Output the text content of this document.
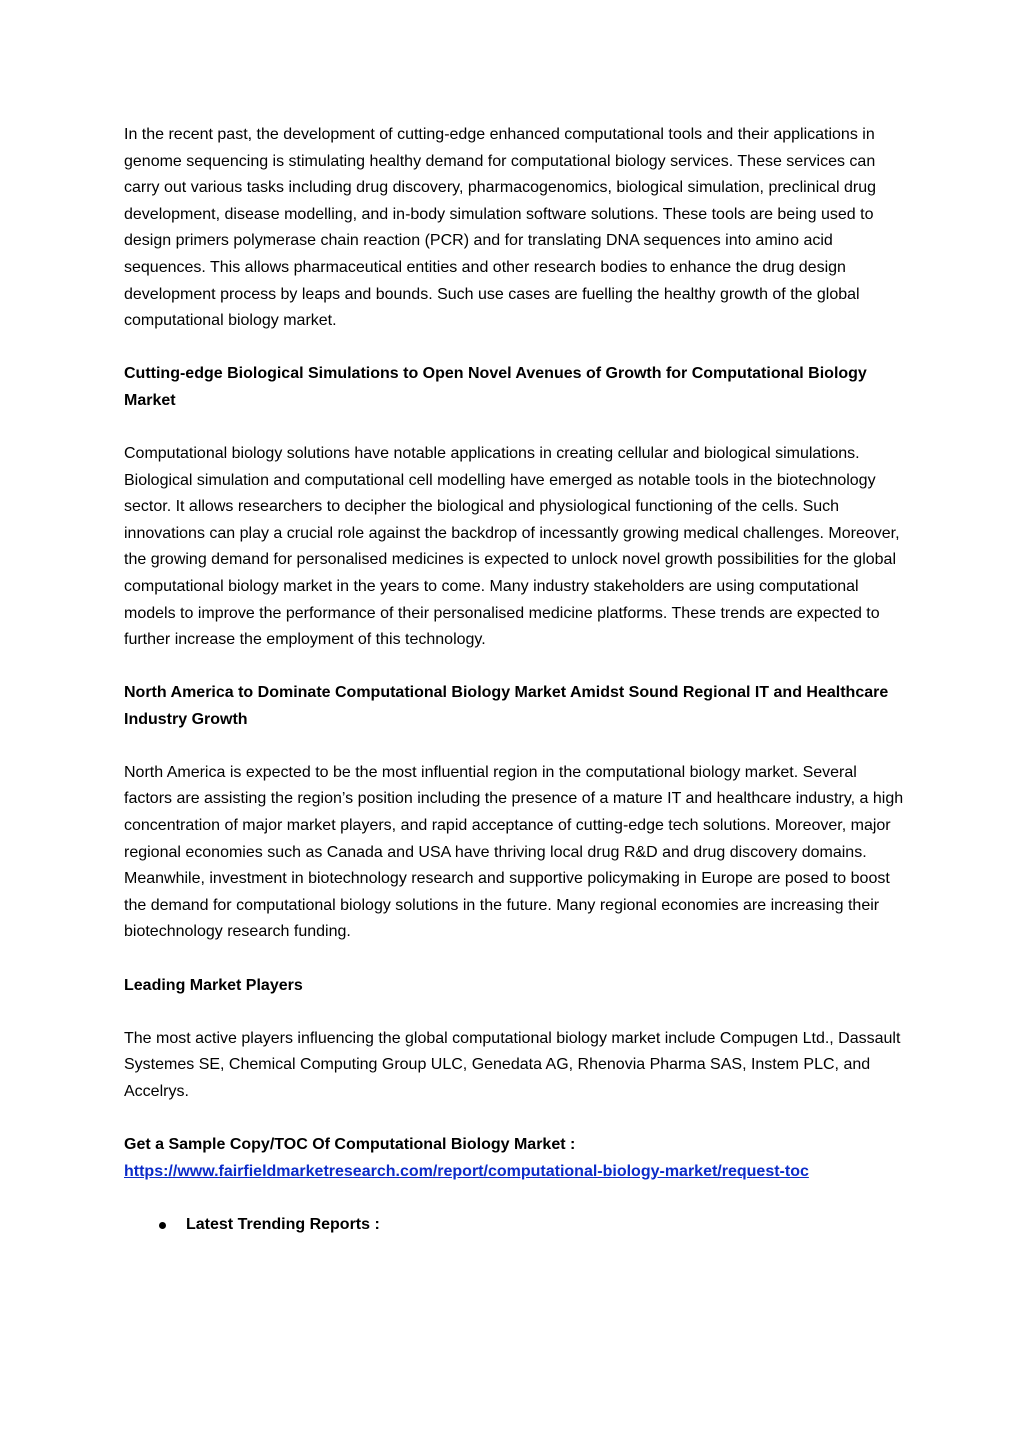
In the recent past, the development of cutting-edge enhanced computational tools and their applications in genome sequencing is stimulating healthy demand for computational biology services. These services can carry out various tasks including drug discovery, pharmacogenomics, biological simulation, preclinical drug development, disease modelling, and in-body simulation software solutions. These tools are being used to design primers polymerase chain reaction (PCR) and for translating DNA sequences into amino acid sequences. This allows pharmaceutical entities and other research bodies to enhance the drug design development process by leaps and bounds. Such use cases are fuelling the healthy growth of the global computational biology market.

Cutting-edge Biological Simulations to Open Novel Avenues of Growth for Computational Biology Market

Computational biology solutions have notable applications in creating cellular and biological simulations. Biological simulation and computational cell modelling have emerged as notable tools in the biotechnology sector. It allows researchers to decipher the biological and physiological functioning of the cells. Such innovations can play a crucial role against the backdrop of incessantly growing medical challenges. Moreover, the growing demand for personalised medicines is expected to unlock novel growth possibilities for the global computational biology market in the years to come. Many industry stakeholders are using computational models to improve the performance of their personalised medicine platforms. These trends are expected to further increase the employment of this technology.

North America to Dominate Computational Biology Market Amidst Sound Regional IT and Healthcare Industry Growth

North America is expected to be the most influential region in the computational biology market. Several factors are assisting the region’s position including the presence of a mature IT and healthcare industry, a high concentration of major market players, and rapid acceptance of cutting-edge tech solutions. Moreover, major regional economies such as Canada and USA have thriving local drug R&D and drug discovery domains. Meanwhile, investment in biotechnology research and supportive policymaking in Europe are posed to boost the demand for computational biology solutions in the future. Many regional economies are increasing their biotechnology research funding.

Leading Market Players

The most active players influencing the global computational biology market include Compugen Ltd., Dassault Systemes SE, Chemical Computing Group ULC, Genedata AG, Rhenovia Pharma SAS, Instem PLC, and Accelrys.

Get a Sample Copy/TOC Of Computational Biology Market :

https://www.fairfieldmarketresearch.com/report/computational-biology-market/request-toc
Latest Trending Reports :
